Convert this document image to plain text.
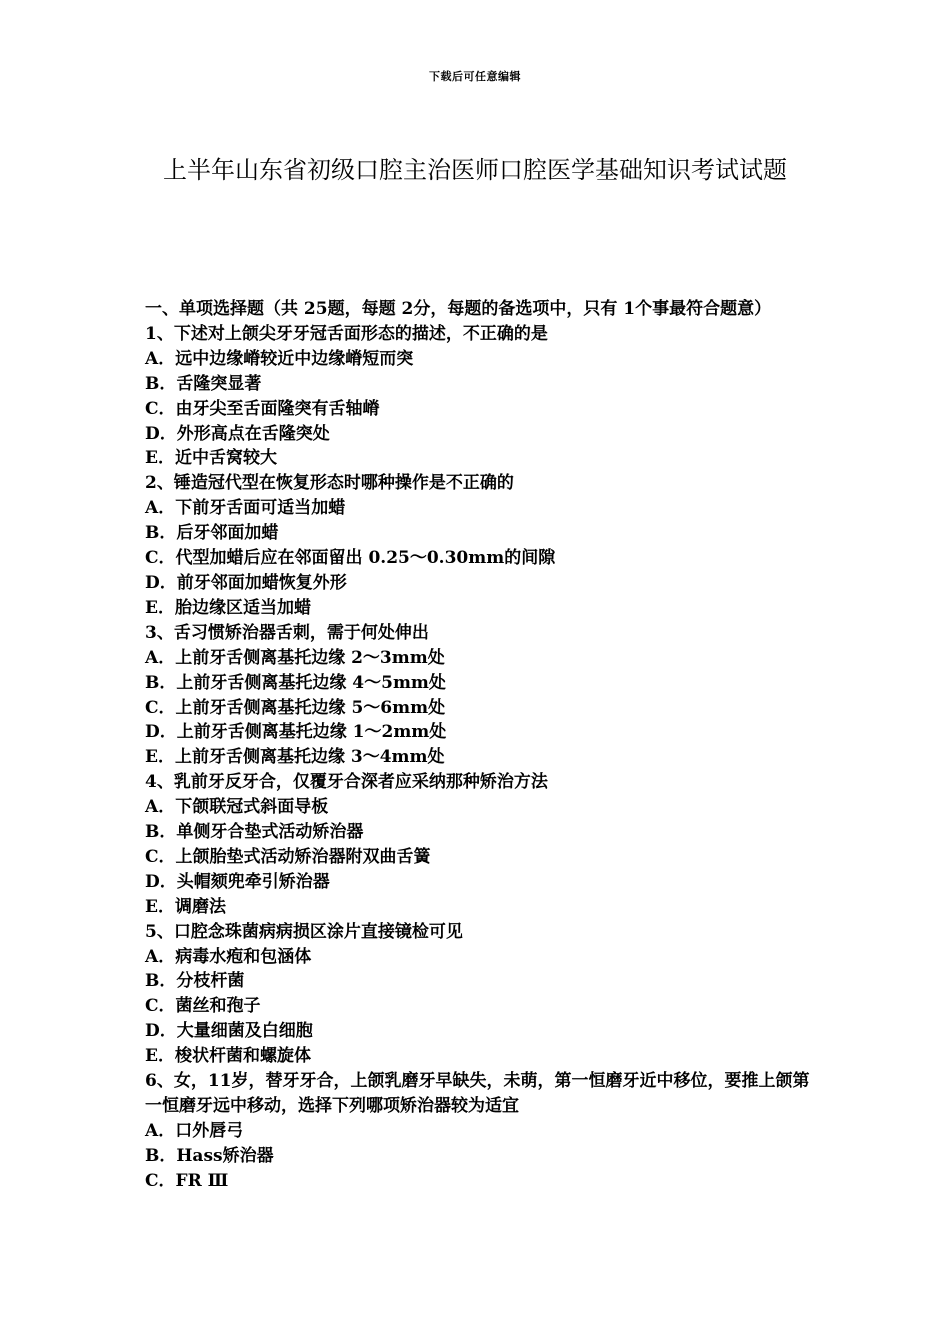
下载后可任意编辑
上半年山东省初级口腔主治医师口腔医学基础知识考试试题
一、单项选择题（共 25题，每题 2分，每题的备选项中，只有 1个事最符合题意）
1、下述对上颌尖牙牙冠舌面形态的描述，不正确的是
A．远中边缘嵴较近中边缘嵴短而突
B．舌隆突显著
C．由牙尖至舌面隆突有舌轴嵴
D．外形高点在舌隆突处
E．近中舌窝较大
2、锤造冠代型在恢复形态时哪种操作是不正确的
A．下前牙舌面可适当加蜡
B．后牙邻面加蜡
C．代型加蜡后应在邻面留出 0.25～0.30mm的间隙
D．前牙邻面加蜡恢复外形
E．胎边缘区适当加蜡
3、舌习惯矫治器舌刺，需于何处伸出
A．上前牙舌侧离基托边缘 2～3mm处
B．上前牙舌侧离基托边缘 4～5mm处
C．上前牙舌侧离基托边缘 5～6mm处
D．上前牙舌侧离基托边缘 1～2mm处
E．上前牙舌侧离基托边缘 3～4mm处
4、乳前牙反牙合，仅覆牙合深者应采纳那种矫治方法
A．下颌联冠式斜面导板
B．单侧牙合垫式活动矫治器
C．上颌胎垫式活动矫治器附双曲舌簧
D．头帽颏兜牵引矫治器
E．调磨法
5、口腔念珠菌病病损区涂片直接镜检可见
A．病毒水疱和包涵体
B．分枝杆菌
C．菌丝和孢子
D．大量细菌及白细胞
E．梭状杆菌和螺旋体
6、女，11岁，替牙牙合，上颌乳磨牙早缺失，未萌，第一恒磨牙近中移位，要推上颌第一恒磨牙远中移动，选择下列哪项矫治器较为适宜
A．口外唇弓
B．Hass矫治器
C．FR Ⅲ
